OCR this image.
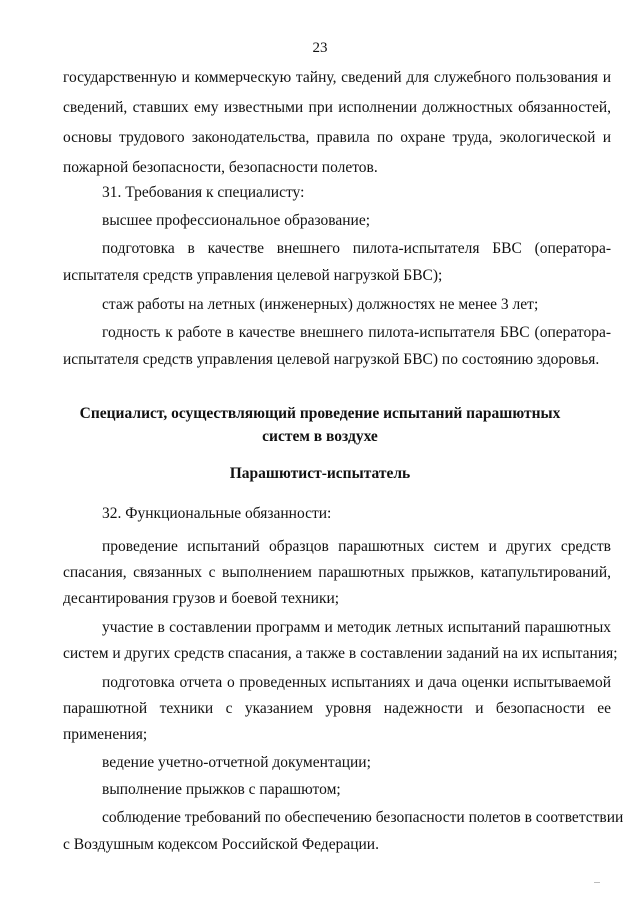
23
государственную и коммерческую тайну, сведений для служебного пользования и
сведений, ставших ему известными при исполнении должностных обязанностей,
основы трудового законодательства, правила по охране труда, экологической и
пожарной безопасности, безопасности полетов.
31. Требования к специалисту:
высшее профессиональное образование;
подготовка в качестве внешнего пилота-испытателя БВС (оператора-
испытателя средств управления целевой нагрузкой БВС);
стаж работы на летных (инженерных) должностях не менее 3 лет;
годность к работе в качестве внешнего пилота-испытателя БВС (оператора-
испытателя средств управления целевой нагрузкой БВС) по состоянию здоровья.
Специалист, осуществляющий проведение испытаний парашютных
систем в воздухе
Парашютист-испытатель
32. Функциональные обязанности:
проведение испытаний образцов парашютных систем и других средств
спасания, связанных с выполнением парашютных прыжков, катапультирований,
десантирования грузов и боевой техники;
участие в составлении программ и методик летных испытаний парашютных
систем и других средств спасания, а также в составлении заданий на их испытания;
подготовка отчета о проведенных испытаниях и дача оценки испытываемой
парашютной техники с указанием уровня надежности и безопасности ее
применения;
ведение учетно-отчетной документации;
выполнение прыжков с парашютом;
соблюдение требований по обеспечению безопасности полетов в соответствии
с Воздушным кодексом Российской Федерации.
